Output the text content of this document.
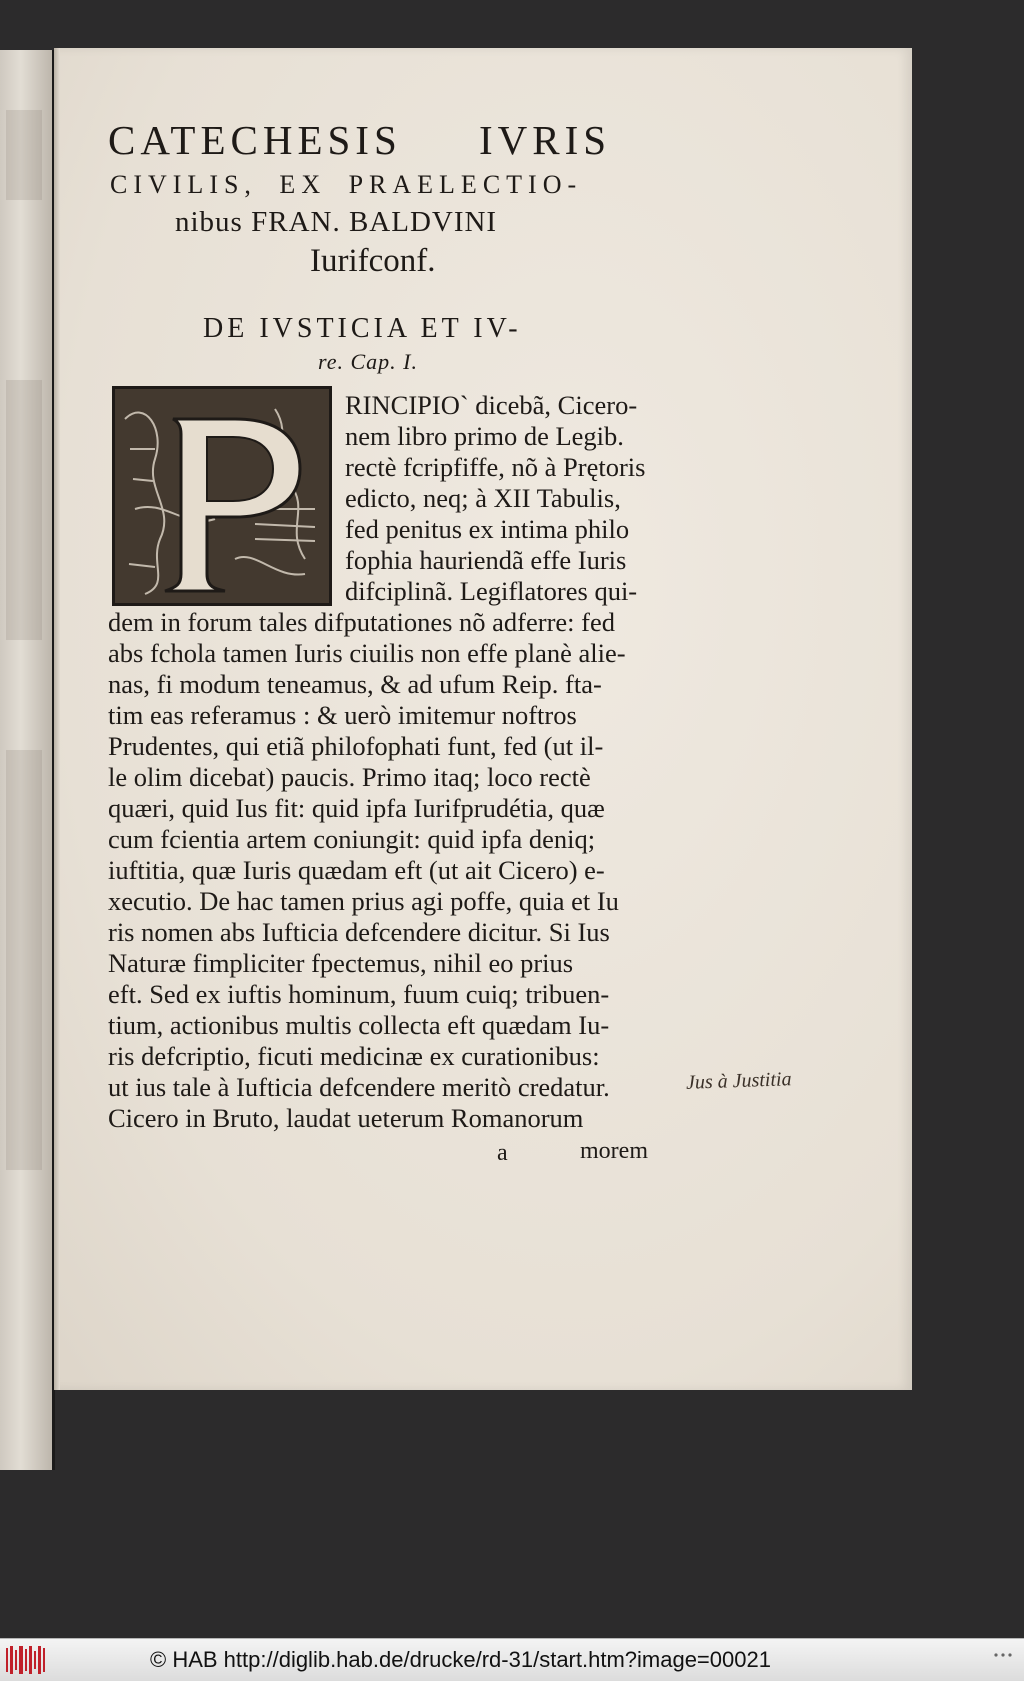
CATECHESIS IVRIS
CIVILIS, EX PRAELECTIO-
nibus FRAN. BALDVINI
Iurifconf.
DE IVSTICIA ET IV-
re. Cap. I.
RINCIPIO` dicebã, Cicero-
nem libro primo de Legib.
rectè fcripfiffe, nõ à Prętoris
edicto, neq; à XII Tabulis,
fed penitus ex intima philo
fophia hauriendã effe Iuris
difciplinã. Legiflatores qui-
dem in forum tales difputationes nõ adferre: fed
abs fchola tamen Iuris ciuilis non effe planè alie-
nas, fi modum teneamus, & ad ufum Reip. fta-
tim eas referamus : & uerò imitemur noftros
Prudentes, qui etiã philofophati funt, fed (ut il-
le olim dicebat) paucis. Primo itaq; loco rectè
quæri, quid Ius fit: quid ipfa Iurifprudétia, quæ
cum fcientia artem coniungit: quid ipfa deniq;
iuftitia, quæ Iuris quædam eft (ut ait Cicero) e-
xecutio. De hac tamen prius agi poffe, quia et Iu
ris nomen abs Iufticia defcendere dicitur. Si Ius
Naturæ fimpliciter fpectemus, nihil eo prius
eft. Sed ex iuftis hominum, fuum cuiq; tribuen-
tium, actionibus multis collecta eft quædam Iu-
ris defcriptio, ficuti medicinæ ex curationibus:
ut ius tale à Iufticia defcendere meritò credatur.
Cicero in Bruto, laudat ueterum Romanorum
a	morem
Jus à Justitia
© HAB http://diglib.hab.de/drucke/rd-31/start.htm?image=00021
